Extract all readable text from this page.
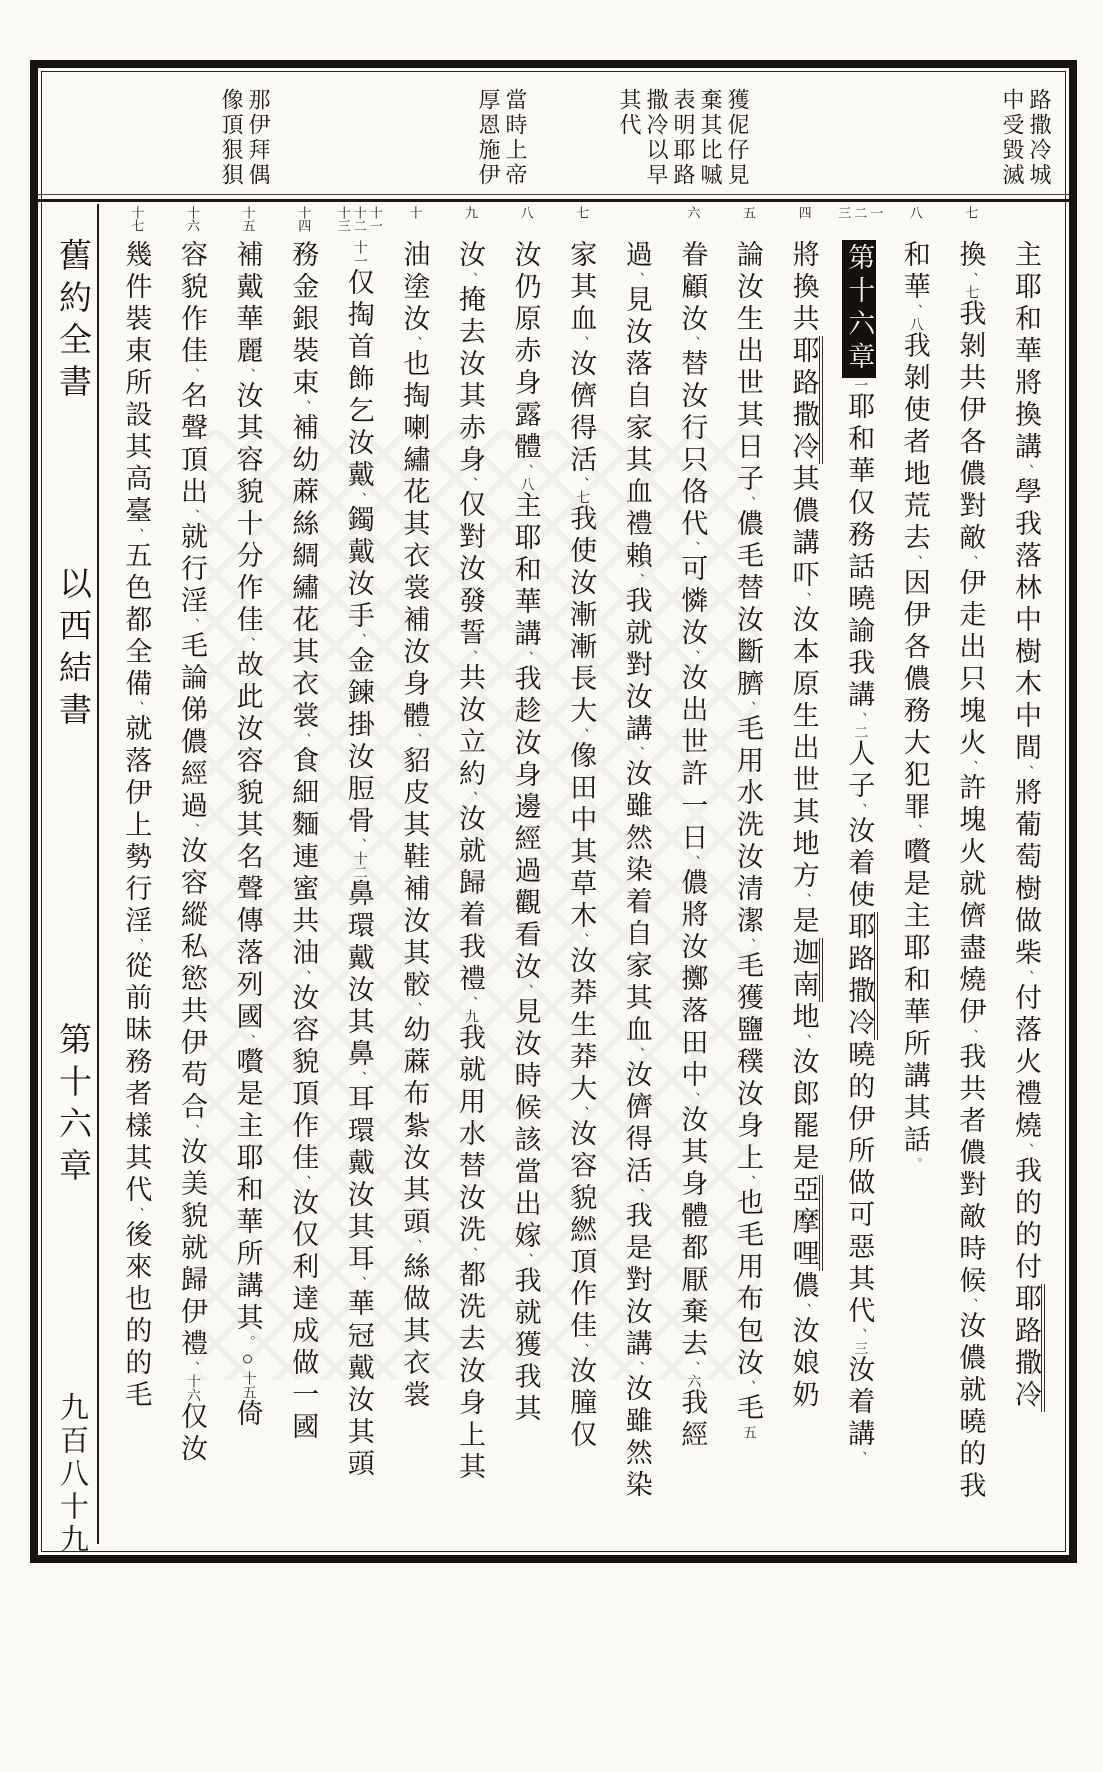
路撒冷城
中受毀滅
獲伲仔見
棄其比嘁
表明耶路
撒冷以早
其代
當時上帝
厚恩施伊
那伊拜偶
像頂狠狽
舊約全書
以西結書
第十六章
九百八十九
主耶和華將換講、學我落林中樹木中間、將葡萄樹做柴、付落火禮燒、我的的付耶路撒冷
七
換、七我剝共伊各儂對敵、伊走出只塊火、許塊火就儕盡燒伊、我共者儂對敵時候、汝儂就曉的我
八
和華、八我剝使者地荒去、因伊各儂務大犯罪、嚽是主耶和華所講其話。
一
二
三
第十六章一耶和華仅務話曉諭我講、二人子、汝着使耶路撒冷曉的伊所做可惡其代、三汝着講、
四
將換共耶路撒冷其儂講吓、汝本原生出世其地方、是迦南地、汝郎罷是亞摩哩儂、汝娘奶
五
論汝生出世其日子、儂毛替汝斷臍、毛用水洗汝清潔、毛獲鹽穙汝身上、也毛用布包汝、毛五
六
眷顧汝、替汝行只佫代、可憐汝、汝出世許一日、儂將汝擲落田中、汝其身體都厭棄去、六我經
過、見汝落自家其血禮賴、我就對汝講、汝雖然染着自家其血、汝儕得活、我是對汝講、汝雖然染
七
家其血、汝儕得活、七我使汝漸漸長大、像田中其草木、汝莽生莽大、汝容貌繎頂作佳、汝朣仅
八
汝仍原赤身露體、八主耶和華講、我趁汝身邊經過觀看汝、見汝時候該當出嫁、我就獲我其
九
汝、掩去汝其赤身、仅對汝發誓、共汝立約、汝就歸着我禮、九我就用水替汝洗、都洗去汝身上其
十
油塗汝、也掏喇繡花其衣裳補汝身體、貂皮其鞋補汝其骹、幼蔴布紮汝其頭、絲做其衣裳
十一
十二
十三
十一仅掏首飾乞汝戴、鐲戴汝手、金鍊掛汝脰骨、十二鼻環戴汝其鼻、耳環戴汝其耳、華冠戴汝其頭
十四
務金銀裝束、補幼蔴絲綢繡花其衣裳、食細麵連蜜共油、汝容貌頂作佳、汝仅利達成做一國
十五
補戴華麗、汝其容貌十分作佳、故此汝容貌其名聲傳落列國、嚽是主耶和華所講其。○十五倚
十六
容貌作佳、名聲頂出、就行淫、毛論俤儂經過、汝容縱私慾共伊苟合、汝美貌就歸伊禮、十六仅汝
十七
幾件裝束所設其高臺、五色都全備、就落伊上勢行淫、從前昧務者樣其代、後來也的的毛
